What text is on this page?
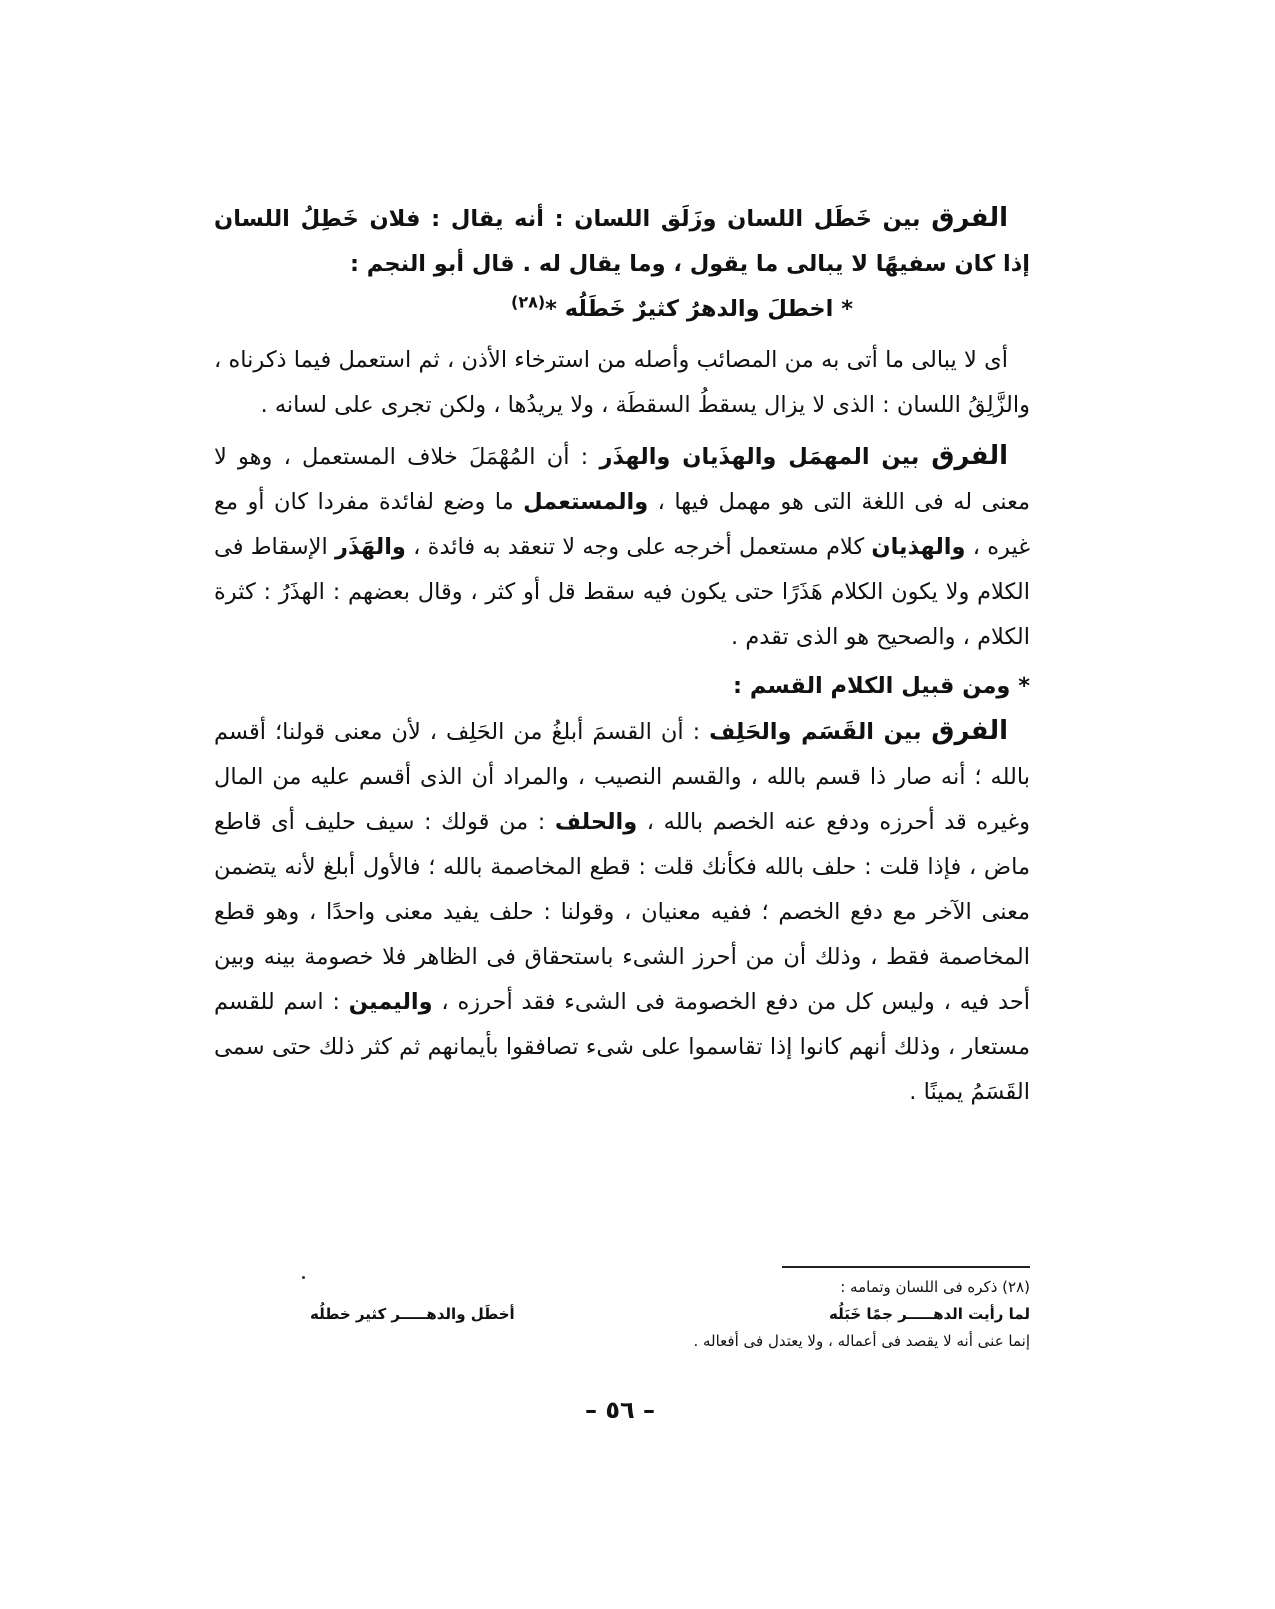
الفرق بين خَطَل اللسان وزَلَق اللسان : أنه يقال : فلان خَطِلُ اللسان إذا كان سفيهًا لا يبالى ما يقول ، وما يقال له . قال أبو النجم :

* اخطلَ والدهرُ كثيرٌ خَطَلُه *$^{(٢٨)}$

أى لا يبالى ما أتى به من المصائب وأصله من استرخاء الأذن ، ثم استعمل فيما ذكرناه ، والزَّلِقُ اللسان : الذى لا يزال يسقطُ السقطَة ، ولا يريدُها ، ولكن تجرى على لسانه .

الفرق بين المهمَل والهذَيان والهذَر : أن المُهْمَلَ خلاف المستعمل ، وهو لا معنى له فى اللغة التى هو مهمل فيها ، والمستعمل ما وضع لفائدة مفردا كان أو مع غيره ، والهذيان كلام مستعمل أخرجه على وجه لا تنعقد به فائدة ، والهَذَر الإسقاط فى الكلام ولا يكون الكلام هَذَرًا حتى يكون فيه سقط قل أو كثر ، وقال بعضهم : الهذَرُ : كثرة الكلام ، والصحيح هو الذى تقدم .

* ومن قبيل الكلام القسم :

الفرق بين القَسَم والحَلِف : أن القسمَ أبلغُ من الحَلِف ، لأن معنى قولنا؛ أقسم بالله ؛ أنه صار ذا قسم بالله ، والقسم النصيب ، والمراد أن الذى أقسم عليه من المال وغيره قد أحرزه ودفع عنه الخصم بالله ، والحلف : من قولك : سيف حليف أى قاطع ماض ، فإذا قلت : حلف بالله فكأنك قلت : قطع المخاصمة بالله ؛ فالأول أبلغ لأنه يتضمن معنى الآخر مع دفع الخصم ؛ ففيه معنيان ، وقولنا : حلف يفيد معنى واحدًا ، وهو قطع المخاصمة فقط ، وذلك أن من أحرز الشىء باستحقاق فى الظاهر فلا خصومة بينه وبين أحد فيه ، وليس كل من دفع الخصومة فى الشىء فقد أحرزه ، واليمين : اسم للقسم مستعار ، وذلك أنهم كانوا إذا تقاسموا على شىء تصافقوا بأيمانهم ثم كثر ذلك حتى سمى القَسَمُ يمينًا .

(٢٨) ذكره فى اللسان وتمامه :
لما رأيت الدهـــــر جمًا خَبَلُه
أخطَل والدهـــــر كثير خطلُه
إنما عنى أنه لا يقصد فى أعماله ، ولا يعتدل فى أفعاله .
– ٥٦ –
